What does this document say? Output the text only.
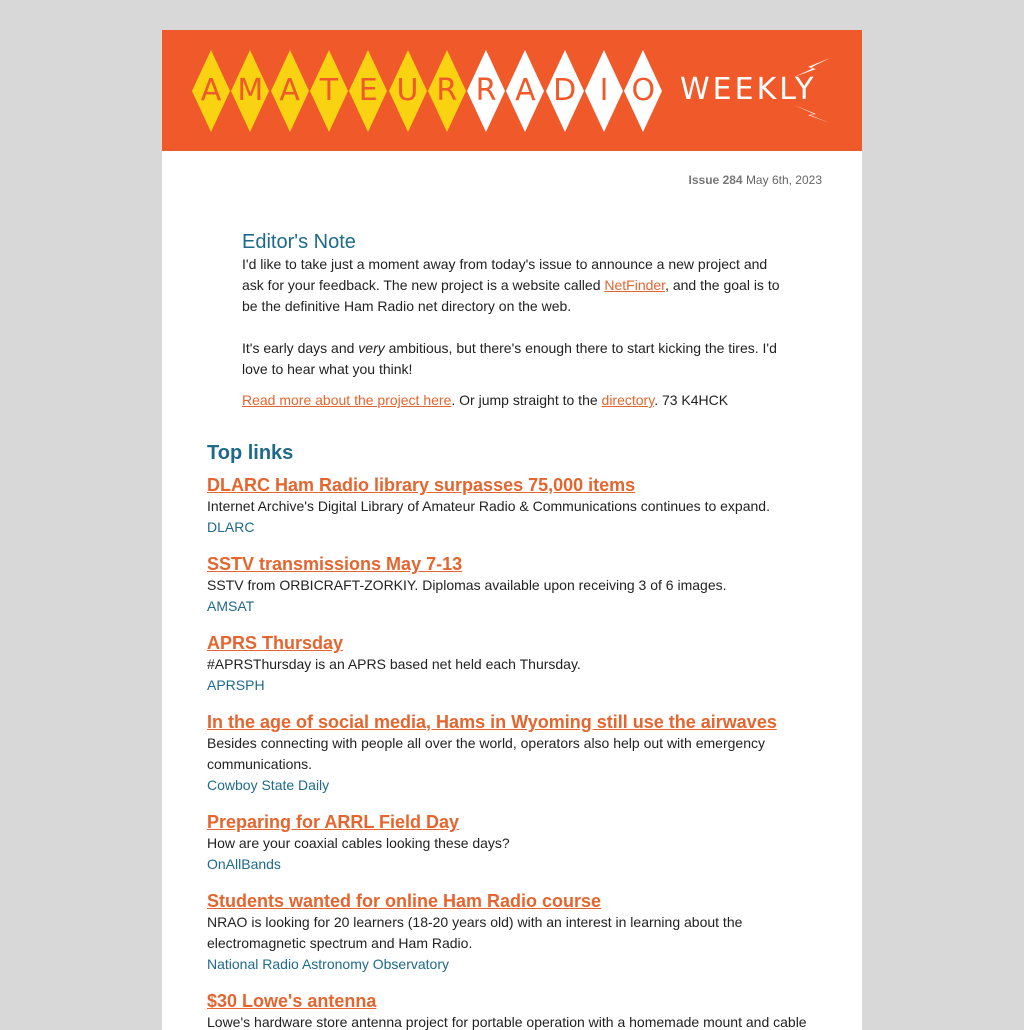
A M A T E U R R A D I O WEEKLY
Issue 284 May 6th, 2023
Editor's Note

I'd like to take just a moment away from today's issue to announce a new project and ask for your feedback. The new project is a website called NetFinder, and the goal is to be the definitive Ham Radio net directory on the web.

It's early days and very ambitious, but there's enough there to start kicking the tires. I'd love to hear what you think!

Read more about the project here. Or jump straight to the directory. 73 K4HCK

Top links
DLARC Ham Radio library surpasses 75,000 items
Internet Archive's Digital Library of Amateur Radio & Communications continues to expand.
DLARC
SSTV transmissions May 7-13
SSTV from ORBICRAFT-ZORKIY. Diplomas available upon receiving 3 of 6 images.
AMSAT
APRS Thursday
#APRSThursday is an APRS based net held each Thursday.
APRSPH
In the age of social media, Hams in Wyoming still use the airwaves
Besides connecting with people all over the world, operators also help out with emergency communications.
Cowboy State Daily
Preparing for ARRL Field Day
How are your coaxial cables looking these days?
OnAllBands
Students wanted for online Ham Radio course
NRAO is looking for 20 learners (18-20 years old) with an interest in learning about the electromagnetic spectrum and Ham Radio.
National Radio Astronomy Observatory
$30 Lowe's antenna
Lowe's hardware store antenna project for portable operation with a homemade mount and cable
